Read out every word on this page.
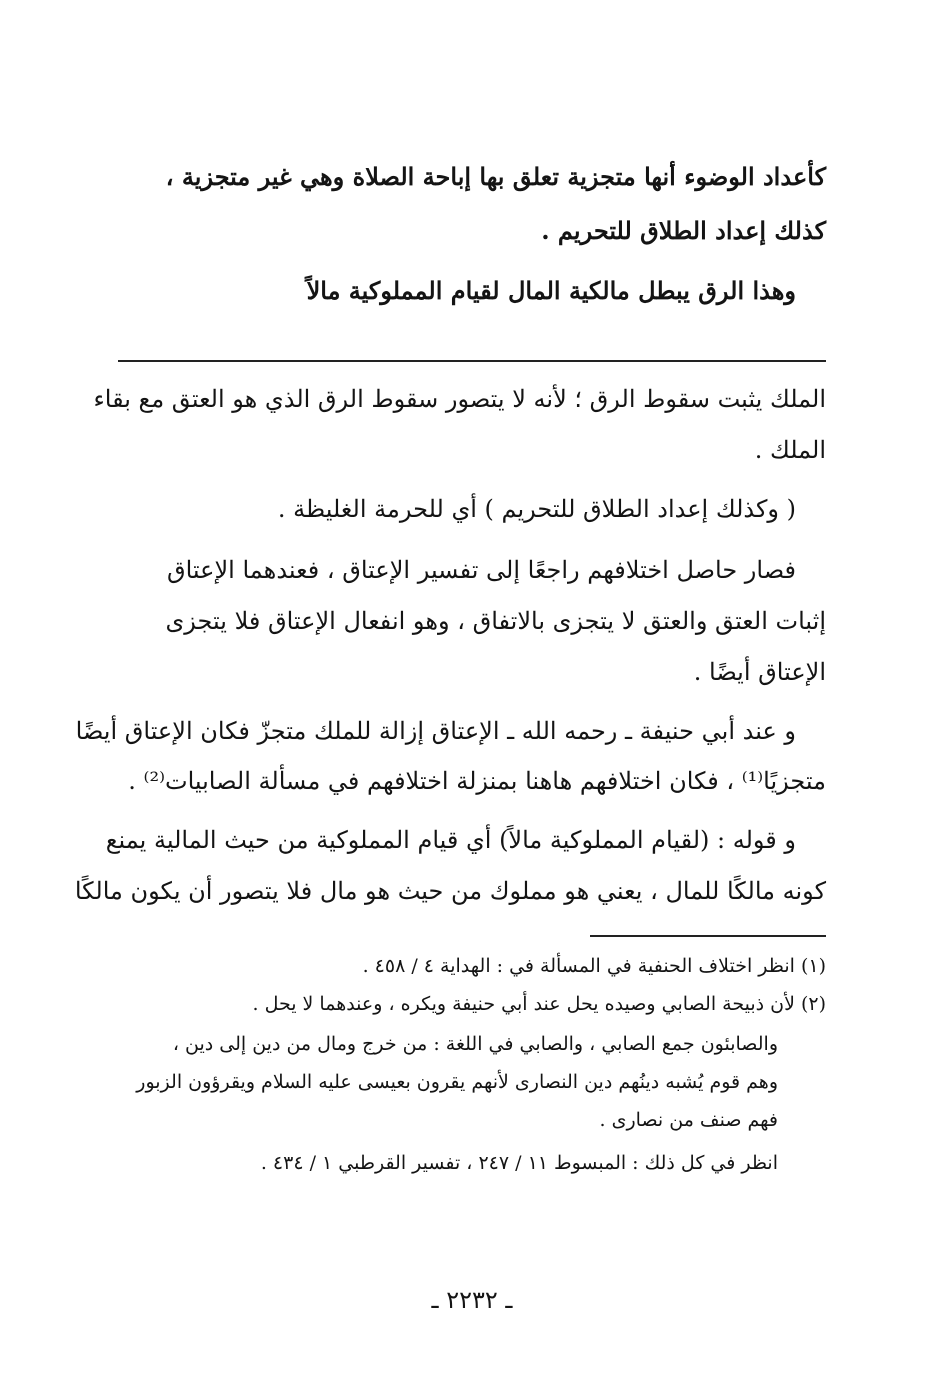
كأعداد الوضوء أنها متجزية تعلق بها إباحة الصلاة وهي غير متجزية ،
كذلك إعداد الطلاق للتحريم .
وهذا الرق يبطل مالكية المال لقيام المملوكية مالاً
الملك يثبت سقوط الرق ؛ لأنه لا يتصور سقوط الرق الذي هو العتق مع بقاء
الملك .
( وكذلك إعداد الطلاق للتحريم ) أي للحرمة الغليظة .
فصار حاصل اختلافهم راجعًا إلى تفسير الإعتاق ، فعندهما الإعتاق
إثبات العتق والعتق لا يتجزى بالاتفاق ، وهو انفعال الإعتاق فلا يتجزى
الإعتاق أيضًا .
و عند أبي حنيفة ـ رحمه الله ـ الإعتاق إزالة للملك متجزّ فكان الإعتاق أيضًا
متجزيًا⁽¹⁾ ، فكان اختلافهم هاهنا بمنزلة اختلافهم في مسألة الصابيات⁽²⁾ .
و قوله : (لقيام المملوكية مالاً) أي قيام المملوكية من حيث المالية يمنع
كونه مالكًا للمال ، يعني هو مملوك من حيث هو مال فلا يتصور أن يكون مالكًا
(١) انظر اختلاف الحنفية في المسألة في : الهداية ٤ / ٤٥٨ .
(٢) لأن ذبيحة الصابي وصيده يحل عند أبي حنيفة ويكره ، وعندهما لا يحل .
والصابئون جمع الصابي ، والصابي في اللغة : من خرج ومال من دين إلى دين ،
وهم قوم يُشبه دينُهم دين النصارى لأنهم يقرون بعيسى عليه السلام ويقرؤون الزبور
فهم صنف من نصارى .
انظر في كل ذلك : المبسوط ١١ / ٢٤٧ ، تفسير القرطبي ١ / ٤٣٤ .
ـ ٢٢٣٢ ـ
